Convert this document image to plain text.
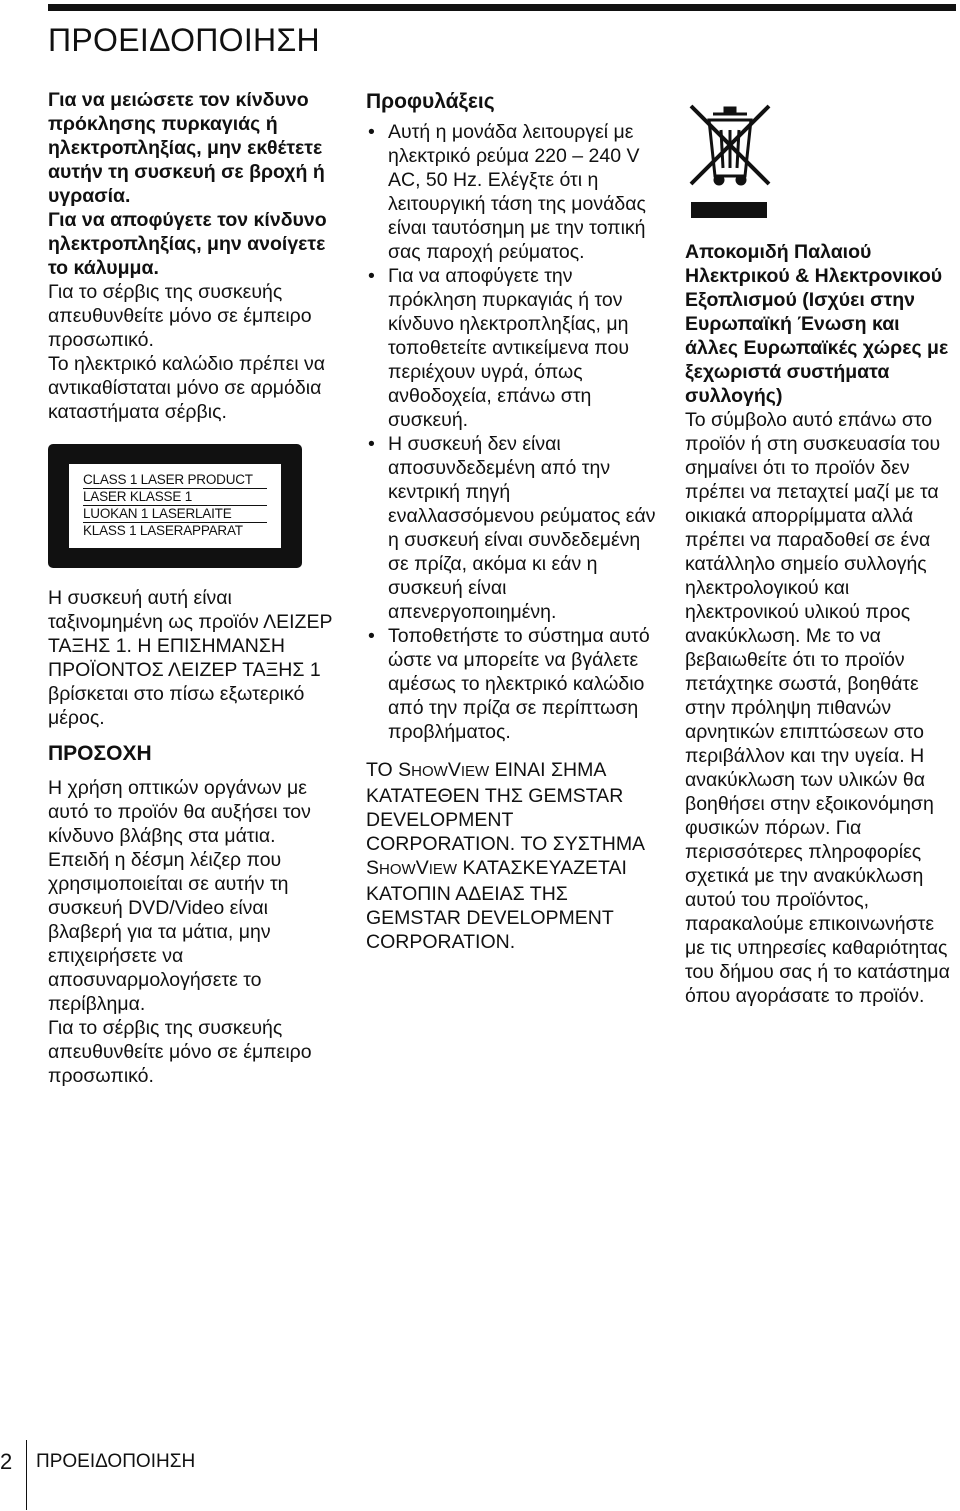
ΠΡΟΕΙΔΟΠΟΙΗΣΗ

Για να μειώσετε τον κίνδυνο πρόκλησης πυρκαγιάς ή ηλεκτροπληξίας, μην εκθέτετε αυτήν τη συσκευή σε βροχή ή υγρασία.

Για να αποφύγετε τον κίνδυνο ηλεκτροπληξίας, μην ανοίγετε το κάλυμμα.

Για το σέρβις της συσκευής απευθυνθείτε μόνο σε έμπειρο προσωπικό.

Το ηλεκτρικό καλώδιο πρέπει να αντικαθίσταται μόνο σε αρμόδια καταστήματα σέρβις.

CLASS 1 LASER PRODUCT
LASER KLASSE 1
LUOKAN 1 LASERLAITE
KLASS 1 LASERAPPARAT

Η συσκευή αυτή είναι ταξινομημένη ως προϊόν ΛΕΙΖΕΡ ΤΑΞΗΣ 1. Η ΕΠΙΣΗΜΑΝΣΗ ΠΡΟΪΟΝΤΟΣ ΛΕΙΖΕΡ ΤΑΞΗΣ 1 βρίσκεται στο πίσω εξωτερικό μέρος.

ΠΡΟΣΟΧΗ

Η χρήση οπτικών οργάνων με αυτό το προϊόν θα αυξήσει τον κίνδυνο βλάβης στα μάτια. Επειδή η δέσμη λέιζερ που χρησιμοποιείται σε αυτήν τη συσκευή DVD/Video είναι βλαβερή για τα μάτια, μην επιχειρήσετε να αποσυναρμολογήσετε το περίβλημα.

Για το σέρβις της συσκευής απευθυνθείτε μόνο σε έμπειρο προσωπικό.

Προφυλάξεις
• Αυτή η μονάδα λειτουργεί με ηλεκτρικό ρεύμα 220 – 240 V AC, 50 Hz. Ελέγξτε ότι η λειτουργική τάση της μονάδας είναι ταυτόσημη με την τοπική σας παροχή ρεύματος.
• Για να αποφύγετε την πρόκληση πυρκαγιάς ή τον κίνδυνο ηλεκτροπληξίας, μη τοποθετείτε αντικείμενα που περιέχουν υγρά, όπως ανθοδοχεία, επάνω στη συσκευή.
• Η συσκευή δεν είναι αποσυνδεδεμένη από την κεντρική πηγή εναλλασσόμενου ρεύματος εάν η συσκευή είναι συνδεδεμένη σε πρίζα, ακόμα κι εάν η συσκευή είναι απενεργοποιημένη.
• Τοποθετήστε το σύστημα αυτό ώστε να μπορείτε να βγάλετε αμέσως το ηλεκτρικό καλώδιο από την πρίζα σε περίπτωση προβλήματος.

ΤΟ SHOWVIEW ΕΙΝΑΙ ΣΗΜΑ ΚΑΤΑΤΕΘΕΝ ΤΗΣ GEMSTAR DEVELOPMENT CORPORATION. ΤΟ ΣΥΣΤΗΜΑ SHOWVIEW ΚΑΤΑΣΚΕΥΑΖΕΤΑΙ ΚΑΤΟΠΙΝ ΑΔΕΙΑΣ ΤΗΣ GEMSTAR DEVELOPMENT CORPORATION.

Αποκομιδή Παλαιού Ηλεκτρικού & Ηλεκτρονικού Εξοπλισμού (Ισχύει στην Ευρωπαϊκή Ένωση και άλλες Ευρωπαϊκές χώρες με ξεχωριστά συστήματα συλλογής)

Το σύμβολο αυτό επάνω στο προϊόν ή στη συσκευασία του σημαίνει ότι το προϊόν δεν πρέπει να πεταχτεί μαζί με τα οικιακά απορρίμματα αλλά πρέπει να παραδοθεί σε ένα κατάλληλο σημείο συλλογής ηλεκτρολογικού και ηλεκτρονικού υλικού προς ανακύκλωση. Με το να βεβαιωθείτε ότι το προϊόν πετάχτηκε σωστά, βοηθάτε στην πρόληψη πιθανών αρνητικών επιπτώσεων στο περιβάλλον και την υγεία. Η ανακύκλωση των υλικών θα βοηθήσει στην εξοικονόμηση φυσικών πόρων. Για περισσότερες πληροφορίες σχετικά με την ανακύκλωση αυτού του προϊόντος, παρακαλούμε επικοινωνήστε με τις υπηρεσίες καθαριότητας του δήμου σας ή το κατάστημα όπου αγοράσατε το προϊόν.

2 ΠΡΟΕΙΔΟΠΟΙΗΣΗ
